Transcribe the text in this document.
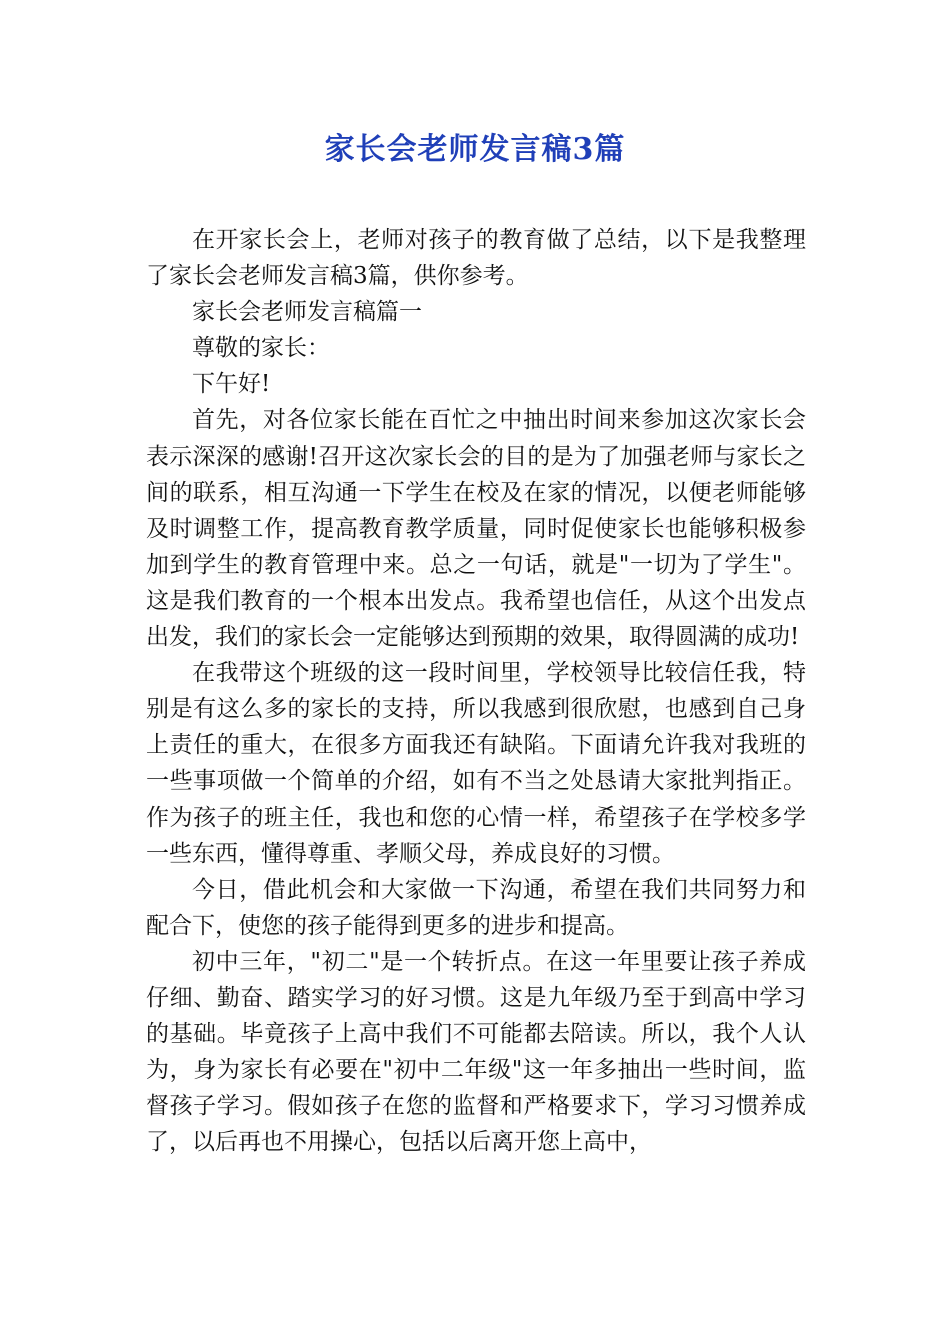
家长会老师发言稿3篇

在开家长会上，老师对孩子的教育做了总结，以下是我整理了家长会老师发言稿3篇，供你参考。

家长会老师发言稿篇一

尊敬的家长：

下午好!

首先，对各位家长能在百忙之中抽出时间来参加这次家长会表示深深的感谢!召开这次家长会的目的是为了加强老师与家长之间的联系，相互沟通一下学生在校及在家的情况，以便老师能够及时调整工作，提高教育教学质量，同时促使家长也能够积极参加到学生的教育管理中来。总之一句话，就是"一切为了学生"。这是我们教育的一个根本出发点。我希望也信任，从这个出发点出发，我们的家长会一定能够达到预期的效果，取得圆满的成功!

在我带这个班级的这一段时间里，学校领导比较信任我，特别是有这么多的家长的支持，所以我感到很欣慰，也感到自己身上责任的重大，在很多方面我还有缺陷。下面请允许我对我班的一些事项做一个简单的介绍，如有不当之处恳请大家批判指正。作为孩子的班主任，我也和您的心情一样，希望孩子在学校多学一些东西，懂得尊重、孝顺父母，养成良好的习惯。

今日，借此机会和大家做一下沟通，希望在我们共同努力和配合下，使您的孩子能得到更多的进步和提高。

初中三年，"初二"是一个转折点。在这一年里要让孩子养成仔细、勤奋、踏实学习的好习惯。这是九年级乃至于到高中学习的基础。毕竟孩子上高中我们不可能都去陪读。所以，我个人认为，身为家长有必要在"初中二年级"这一年多抽出一些时间，监督孩子学习。假如孩子在您的监督和严格要求下，学习习惯养成了，以后再也不用操心，包括以后离开您上高中，
